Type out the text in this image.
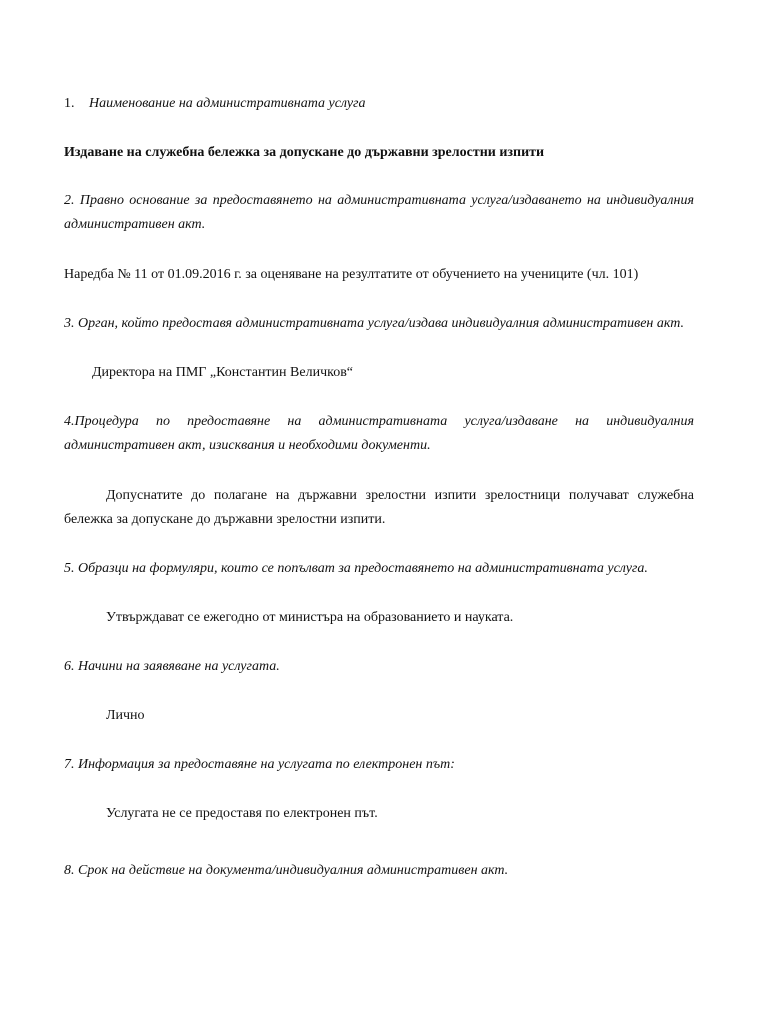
1. Наименование на административната услуга
Издаване на служебна бележка за допускане до държавни зрелостни изпити
2. Правно основание за предоставянето на административната услуга/издаването на индивидуалния административен акт.
Наредба № 11 от 01.09.2016 г. за оценяване на резултатите от обучението на учениците (чл. 101)
3. Орган, който предоставя административната услуга/издава индивидуалния административен акт.
Директора на ПМГ „Константин Величков“
4.Процедура по предоставяне на административната услуга/издаване на индивидуалния административен акт, изисквания и необходими документи.
Допуснатите до полагане на държавни зрелостни изпити зрелостници получават служебна бележка за допускане до държавни зрелостни изпити.
5. Образци на формуляри, които се попълват за предоставянето на административната услуга.
Утвърждават се ежегодно от министъра на образованието и науката.
6. Начини на заявяване на услугата.
Лично
7. Информация за предоставяне на услугата по електронен път:
Услугата не се предоставя по електронен път.
8. Срок на действие на документа/индивидуалния административен акт.
